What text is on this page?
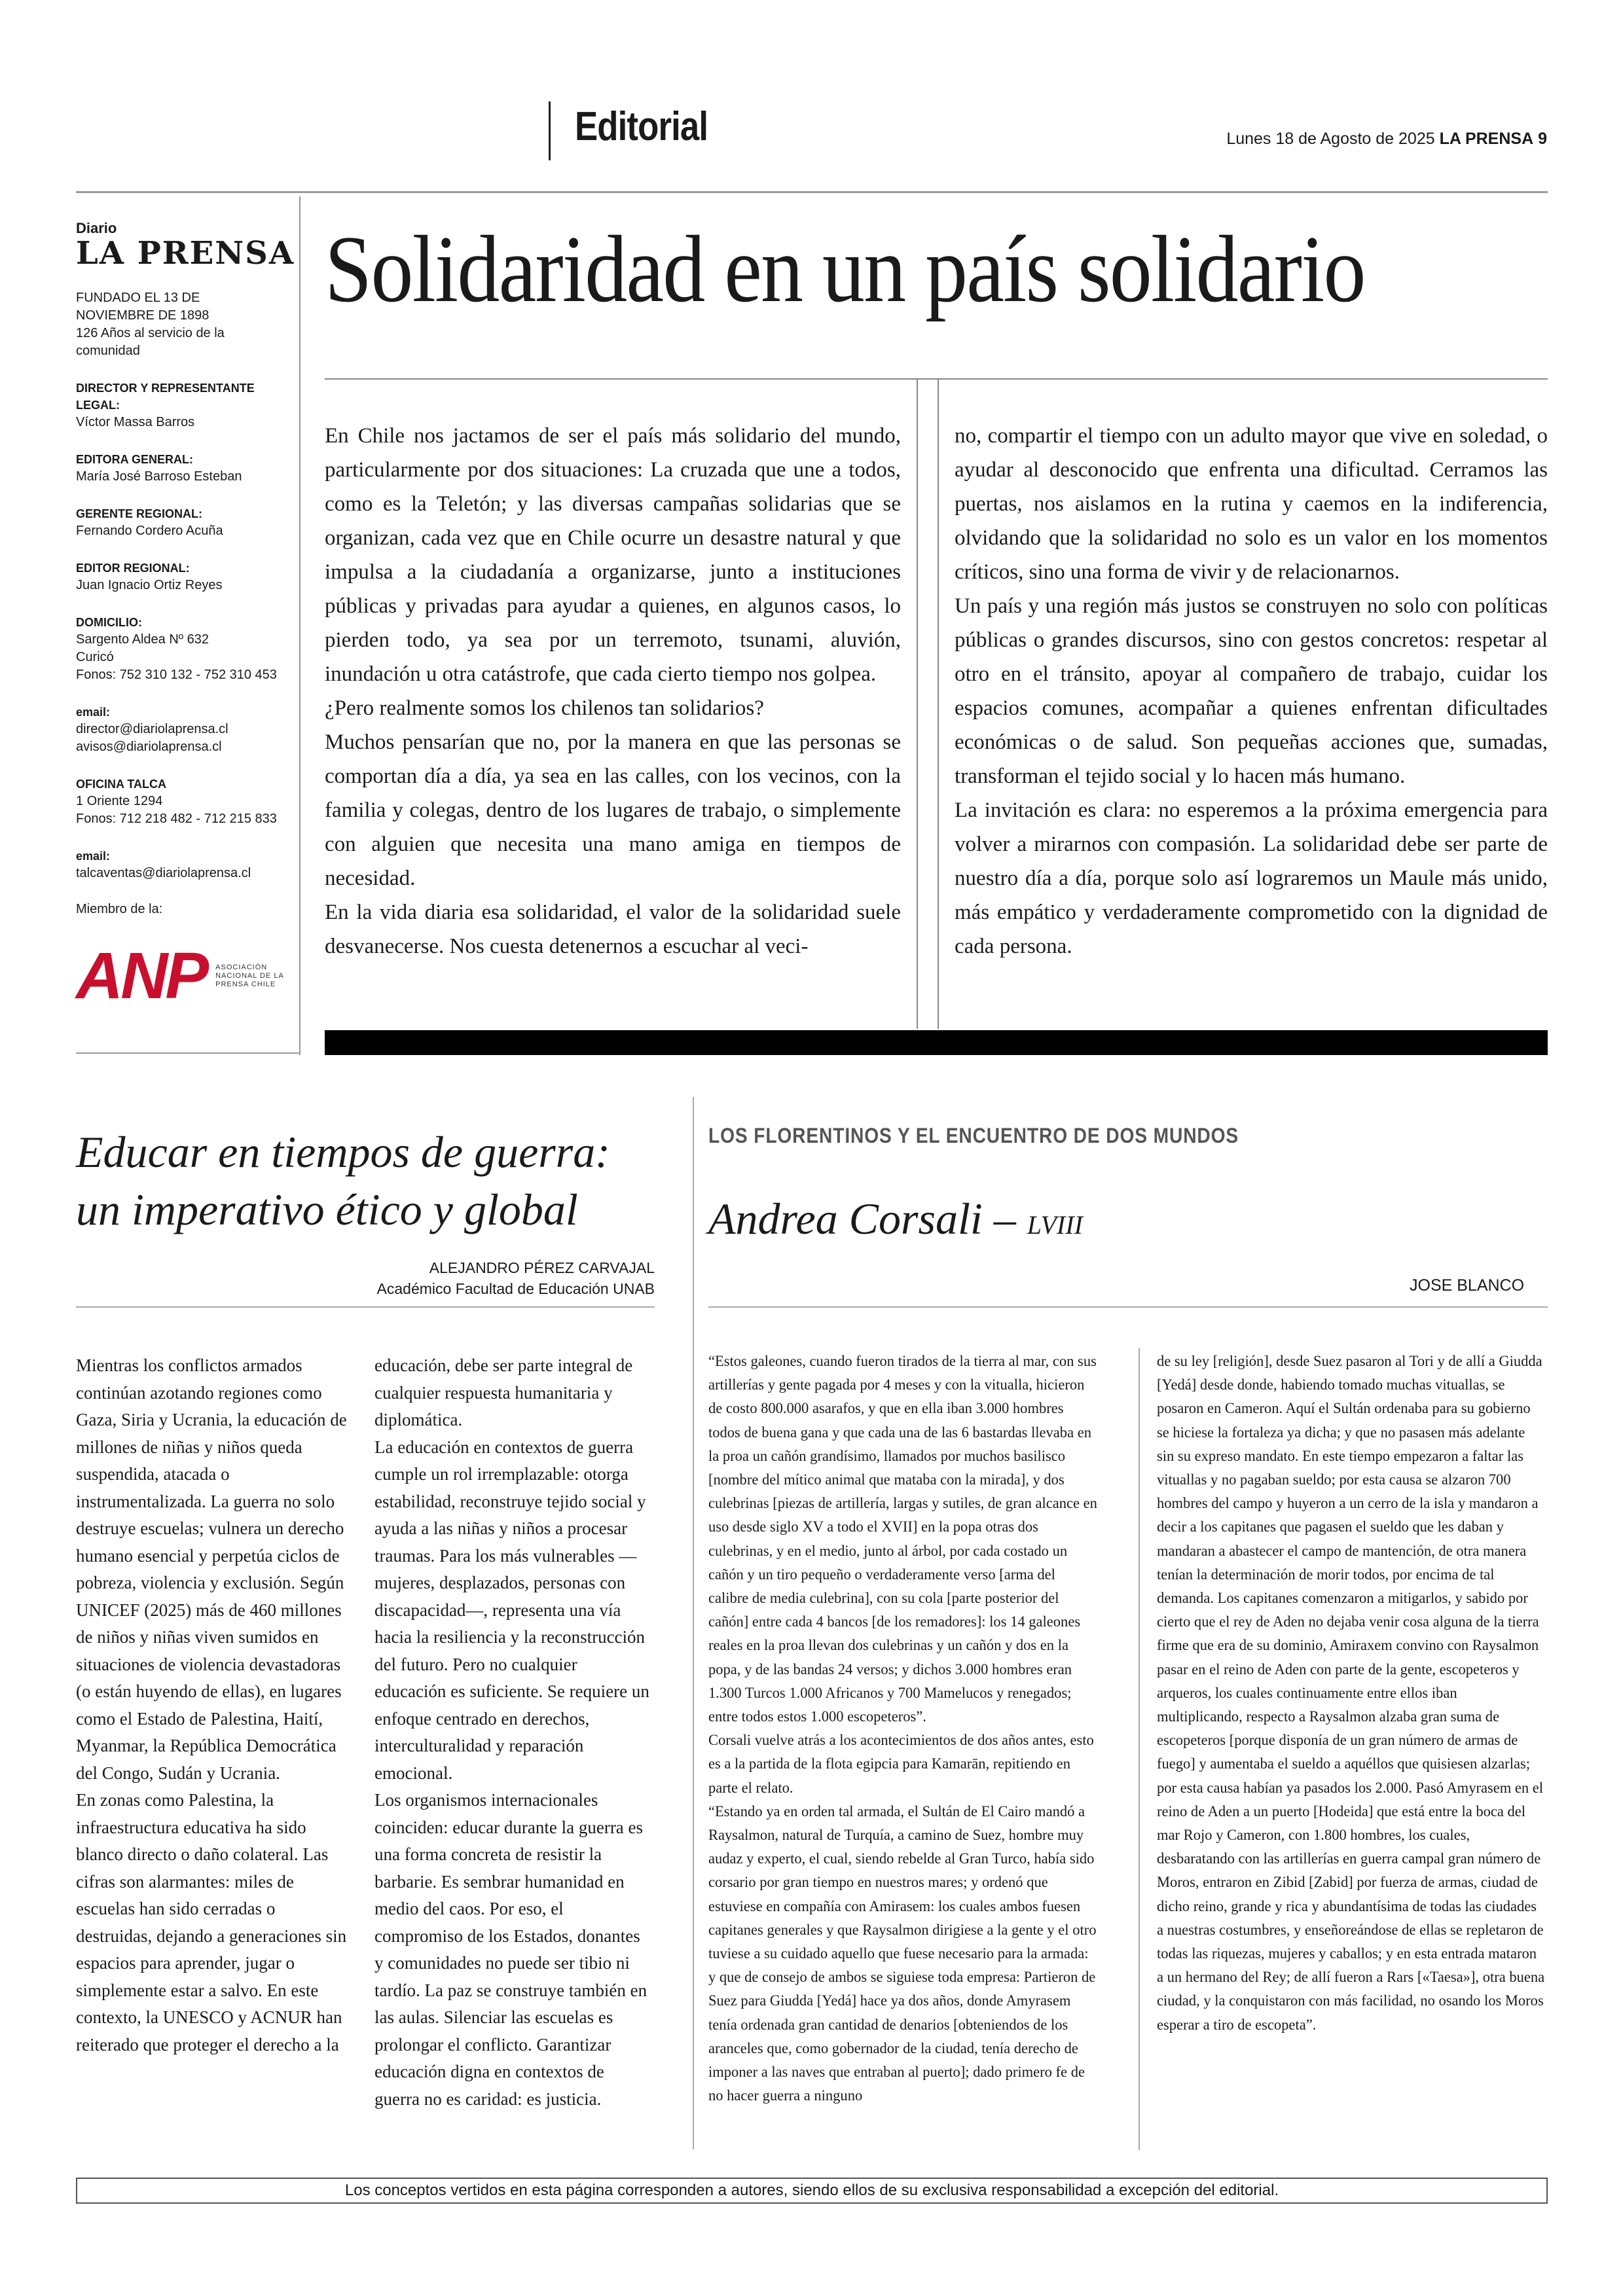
Editorial	Lunes 18 de Agosto de 2025 LA PRENSA 9
Diario
LA PRENSA
FUNDADO EL 13 DE NOVIEMBRE DE 1898
126 Años al servicio de la comunidad
DIRECTOR Y REPRESENTANTE LEGAL:
Víctor Massa Barros
EDITORA GENERAL:
María José Barroso Esteban
GERENTE REGIONAL:
Fernando Cordero Acuña
EDITOR REGIONAL:
Juan Ignacio Ortiz Reyes
DOMICILIO:
Sargento Aldea Nº 632
Curicó
Fonos: 752 310 132 - 752 310 453
email:
director@diariolaprensa.cl
avisos@diariolaprensa.cl
OFICINA TALCA
1 Oriente 1294
Fonos: 712 218 482 - 712 215 833
email:
talcaventas@diariolaprensa.cl
Miembro de la:
ANP ASOCIACIÓN NACIONAL DE LA PRENSA CHILE
Solidaridad en un país solidario

En Chile nos jactamos de ser el país más solidario del mundo, particularmente por dos situaciones: La cruzada que une a todos, como es la Teletón; y las diversas campañas solidarias que se organizan, cada vez que en Chile ocurre un desastre natural y que impulsa a la ciudadanía a organizarse, junto a instituciones públicas y privadas para ayudar a quienes, en algunos casos, lo pierden todo, ya sea por un terremoto, tsunami, aluvión, inundación u otra catástrofe, que cada cierto tiempo nos golpea.

¿Pero realmente somos los chilenos tan solidarios?

Muchos pensarían que no, por la manera en que las personas se comportan día a día, ya sea en las calles, con los vecinos, con la familia y colegas, dentro de los lugares de trabajo, o simplemente con alguien que necesita una mano amiga en tiempos de necesidad.

En la vida diaria esa solidaridad, el valor de la solidaridad suele desvanecerse. Nos cuesta detenernos a escuchar al veci-

no, compartir el tiempo con un adulto mayor que vive en soledad, o ayudar al desconocido que enfrenta una dificultad. Cerramos las puertas, nos aislamos en la rutina y caemos en la indiferencia, olvidando que la solidaridad no solo es un valor en los momentos críticos, sino una forma de vivir y de relacionarnos.

Un país y una región más justos se construyen no solo con políticas públicas o grandes discursos, sino con gestos concretos: respetar al otro en el tránsito, apoyar al compañero de trabajo, cuidar los espacios comunes, acompañar a quienes enfrentan dificultades económicas o de salud. Son pequeñas acciones que, sumadas, transforman el tejido social y lo hacen más humano.

La invitación es clara: no esperemos a la próxima emergencia para volver a mirarnos con compasión. La solidaridad debe ser parte de nuestro día a día, porque solo así lograremos un Maule más unido, más empático y verdaderamente comprometido con la dignidad de cada persona.

Educar en tiempos de guerra: un imperativo ético y global
ALEJANDRO PÉREZ CARVAJAL
Académico Facultad de Educación UNAB

Mientras los conflictos armados continúan azotando regiones como Gaza, Siria y Ucrania, la educación de millones de niñas y niños queda suspendida, atacada o instrumentalizada. La guerra no solo destruye escuelas; vulnera un derecho humano esencial y perpetúa ciclos de pobreza, violencia y exclusión. Según UNICEF (2025) más de 460 millones de niños y niñas viven sumidos en situaciones de violencia devastadoras (o están huyendo de ellas), en lugares como el Estado de Palestina, Haití, Myanmar, la República Democrática del Congo, Sudán y Ucrania.

En zonas como Palestina, la infraestructura educativa ha sido blanco directo o daño colateral. Las cifras son alarmantes: miles de escuelas han sido cerradas o destruidas, dejando a generaciones sin espacios para aprender, jugar o simplemente estar a salvo. En este contexto, la UNESCO y ACNUR han reiterado que proteger el derecho a la

educación, debe ser parte integral de cualquier respuesta humanitaria y diplomática.

La educación en contextos de guerra cumple un rol irremplazable: otorga estabilidad, reconstruye tejido social y ayuda a las niñas y niños a procesar traumas. Para los más vulnerables —mujeres, desplazados, personas con discapacidad—, representa una vía hacia la resiliencia y la reconstrucción del futuro. Pero no cualquier educación es suficiente. Se requiere un enfoque centrado en derechos, interculturalidad y reparación emocional.

Los organismos internacionales coinciden: educar durante la guerra es una forma concreta de resistir la barbarie. Es sembrar humanidad en medio del caos. Por eso, el compromiso de los Estados, donantes y comunidades no puede ser tibio ni tardío. La paz se construye también en las aulas. Silenciar las escuelas es prolongar el conflicto. Garantizar educación digna en contextos de guerra no es caridad: es justicia.

LOS FLORENTINOS Y EL ENCUENTRO DE DOS MUNDOS
Andrea Corsali – LVIII
JOSE BLANCO

“Estos galeones, cuando fueron tirados de la tierra al mar, con sus artillerías y gente pagada por 4 meses y con la vitualla, hicieron de costo 800.000 asarafos, y que en ella iban 3.000 hombres todos de buena gana y que cada una de las 6 bastardas llevaba en la proa un cañón grandísimo, llamados por muchos basilisco [nombre del mítico animal que mataba con la mirada], y dos culebrinas [piezas de artillería, largas y sutiles, de gran alcance en uso desde siglo XV a todo el XVII] en la popa otras dos culebrinas, y en el medio, junto al árbol, por cada costado un cañón y un tiro pequeño o verdaderamente verso [arma del calibre de media culebrina], con su cola [parte posterior del cañón] entre cada 4 bancos [de los remadores]: los 14 galeones reales en la proa llevan dos culebrinas y un cañón y dos en la popa, y de las bandas 24 versos; y dichos 3.000 hombres eran 1.300 Turcos 1.000 Africanos y 700 Mamelucos y renegados; entre todos estos 1.000 escopeteros”.

Corsali vuelve atrás a los acontecimientos de dos años antes, esto es a la partida de la flota egipcia para Kamarān, repitiendo en parte el relato.

“Estando ya en orden tal armada, el Sultán de El Cairo mandó a Raysalmon, natural de Turquía, a camino de Suez, hombre muy audaz y experto, el cual, siendo rebelde al Gran Turco, había sido corsario por gran tiempo en nuestros mares; y ordenó que estuviese en compañía con Amirasem: los cuales ambos fuesen capitanes generales y que Raysalmon dirigiese a la gente y el otro tuviese a su cuidado aquello que fuese necesario para la armada: y que de consejo de ambos se siguiese toda empresa: Partieron de Suez para Giudda [Yedá] hace ya dos años, donde Amyrasem tenía ordenada gran cantidad de denarios [obteniendos de los aranceles que, como gobernador de la ciudad, tenía derecho de imponer a las naves que entraban al puerto]; dado primero fe de no hacer guerra a ninguno

de su ley [religión], desde Suez pasaron al Tori y de allí a Giudda [Yedá] desde donde, habiendo tomado muchas vituallas, se posaron en Cameron. Aquí el Sultán ordenaba para su gobierno se hiciese la fortaleza ya dicha; y que no pasasen más adelante sin su expreso mandato. En este tiempo empezaron a faltar las vituallas y no pagaban sueldo; por esta causa se alzaron 700 hombres del campo y huyeron a un cerro de la isla y mandaron a decir a los capitanes que pagasen el sueldo que les daban y mandaran a abastecer el campo de mantención, de otra manera tenían la determinación de morir todos, por encima de tal demanda. Los capitanes comenzaron a mitigarlos, y sabido por cierto que el rey de Aden no dejaba venir cosa alguna de la tierra firme que era de su dominio, Amiraxem convino con Raysalmon pasar en el reino de Aden con parte de la gente, escopeteros y arqueros, los cuales continuamente entre ellos iban multiplicando, respecto a Raysalmon alzaba gran suma de escopeteros [porque disponía de un gran número de armas de fuego] y aumentaba el sueldo a aquéllos que quisiesen alzarlas; por esta causa habían ya pasados los 2.000. Pasó Amyrasem en el reino de Aden a un puerto [Hodeida] que está entre la boca del mar Rojo y Cameron, con 1.800 hombres, los cuales, desbaratando con las artillerías en guerra campal gran número de Moros, entraron en Zibid [Zabid] por fuerza de armas, ciudad de dicho reino, grande y rica y abundantísima de todas las ciudades a nuestras costumbres, y enseñoreándose de ellas se repletaron de todas las riquezas, mujeres y caballos; y en esta entrada mataron a un hermano del Rey; de allí fueron a Rars [«Taesa»], otra buena ciudad, y la conquistaron con más facilidad, no osando los Moros esperar a tiro de escopeta”.

Los conceptos vertidos en esta página corresponden a autores, siendo ellos de su exclusiva responsabilidad a excepción del editorial.
